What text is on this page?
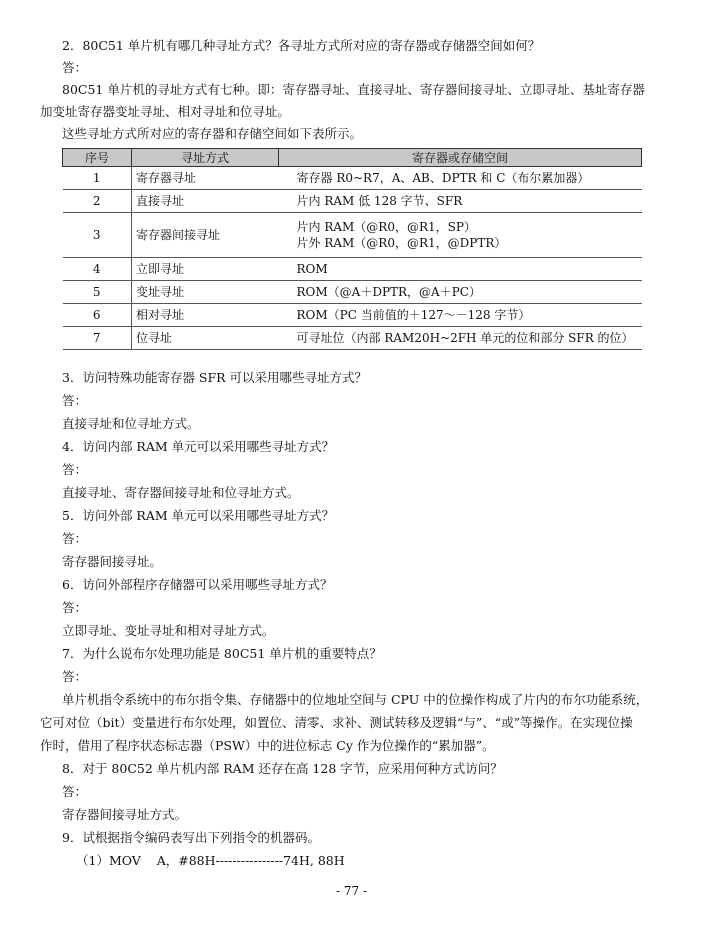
2．80C51 单片机有哪几种寻址方式？各寻址方式所对应的寄存器或存储器空间如何？
答：
80C51 单片机的寻址方式有七种。即：寄存器寻址、直接寻址、寄存器间接寻址、立即寻址、基址寄存器
加变址寄存器变址寻址、相对寻址和位寻址。
这些寻址方式所对应的寄存器和存储空间如下表所示。
序号	寻址方式	寄存器或存储空间
1	寄存器寻址	寄存器 R0~R7，A、AB、DPTR 和 C（布尔累加器）
2	直接寻址	片内 RAM 低 128 字节、SFR
3	寄存器间接寻址	片内 RAM（@R0，@R1，SP）
片外 RAM（@R0，@R1，@DPTR）

4	立即寻址	ROM
5	变址寻址	ROM（@A＋DPTR，@A＋PC）
6	相对寻址	ROM（PC 当前值的＋127～－128 字节）
7	位寻址	可寻址位（内部 RAM20H~2FH 单元的位和部分 SFR 的位）
3．访问特殊功能寄存器 SFR 可以采用哪些寻址方式？
答：
直接寻址和位寻址方式。
4．访问内部 RAM 单元可以采用哪些寻址方式？
答：
直接寻址、寄存器间接寻址和位寻址方式。
5．访问外部 RAM 单元可以采用哪些寻址方式？
答：
寄存器间接寻址。
6．访问外部程序存储器可以采用哪些寻址方式？
答：
立即寻址、变址寻址和相对寻址方式。
7．为什么说布尔处理功能是 80C51 单片机的重要特点？
答：
单片机指令系统中的布尔指令集、存储器中的位地址空间与 CPU 中的位操作构成了片内的布尔功能系统，
它可对位（bit）变量进行布尔处理，如置位、清零、求补、测试转移及逻辑“与”、“或”等操作。在实现位操
作时，借用了程序状态标志器（PSW）中的进位标志 Cy 作为位操作的“累加器”。
8．对于 80C52 单片机内部 RAM 还存在高 128 字节，应采用何种方式访问？
答：
寄存器间接寻址方式。
9．试根据指令编码表写出下列指令的机器码。
（1）MOV    A，#88H----------------74H, 88H
- 77 -
